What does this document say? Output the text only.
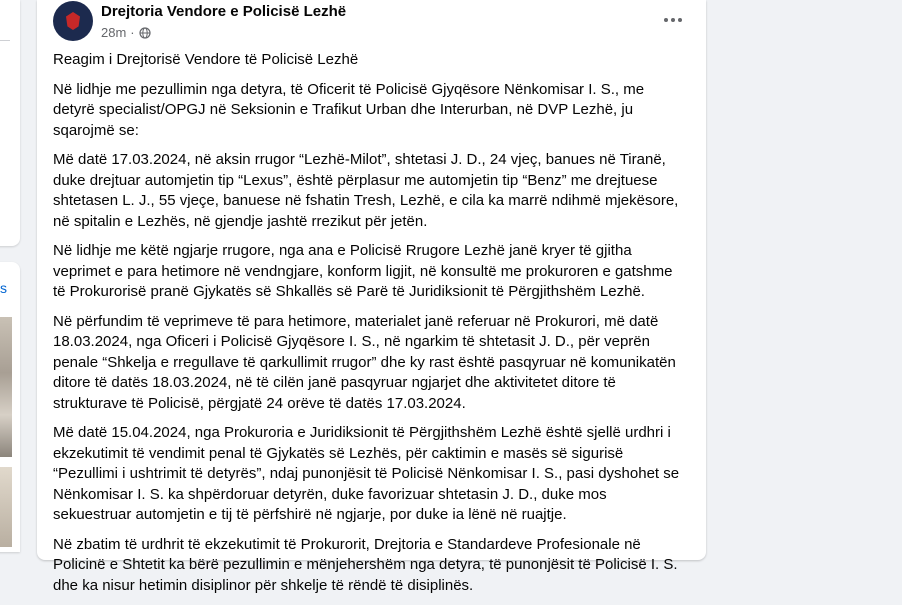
s
Drejtoria Vendore e Policisë Lezhë
28m ·

Reagim i Drejtorisë Vendore të Policisë Lezhë

Në lidhje me pezullimin nga detyra, të Oficerit të Policisë Gjyqësore Nënkomisar I. S., me detyrë specialist/OPGJ në Seksionin e Trafikut Urban dhe Interurban, në DVP Lezhë, ju sqarojmë se:

Më datë 17.03.2024, në aksin rrugor “Lezhë-Milot”, shtetasi J. D., 24 vjeç, banues në Tiranë, duke drejtuar automjetin tip “Lexus”, është përplasur me automjetin tip “Benz” me drejtuese shtetasen L. J., 55 vjeçe, banuese në fshatin Tresh, Lezhë, e cila ka marrë ndihmë mjekësore, në spitalin e Lezhës, në gjendje jashtë rrezikut për jetën.

Në lidhje me këtë ngjarje rrugore, nga ana e Policisë Rrugore Lezhë janë kryer të gjitha veprimet e para hetimore në vendngjare, konform ligjit, në konsultë me prokuroren e gatshme të Prokurorisë pranë Gjykatës së Shkallës së Parë të Juridiksionit të Përgjithshëm Lezhë.

Në përfundim të veprimeve të para hetimore, materialet janë referuar në Prokurori, më datë 18.03.2024, nga Oficeri i Policisë Gjyqësore I. S., në ngarkim të shtetasit J. D., për veprën penale “Shkelja e rregullave të qarkullimit rrugor” dhe ky rast është pasqyruar në komunikatën ditore të datës 18.03.2024, në të cilën janë pasqyruar ngjarjet dhe aktivitetet ditore të strukturave të Policisë, përgjatë 24 orëve të datës 17.03.2024.

Më datë 15.04.2024, nga Prokuroria e Juridiksionit të Përgjithshëm Lezhë është sjellë urdhri i ekzekutimit të vendimit penal të Gjykatës së Lezhës, për caktimin e masës së sigurisë “Pezullimi i ushtrimit të detyrës”, ndaj punonjësit të Policisë Nënkomisar I. S., pasi dyshohet se Nënkomisar I. S. ka shpërdoruar detyrën, duke favorizuar shtetasin J. D., duke mos sekuestruar automjetin e tij të përfshirë në ngjarje, por duke ia lënë në ruajtje.

Në zbatim të urdhrit të ekzekutimit të Prokurorit, Drejtoria e Standardeve Profesionale në Policinë e Shtetit ka bërë pezullimin e mënjehershëm nga detyra, të punonjësit të Policisë I. S. dhe ka nisur hetimin disiplinor për shkelje të rëndë të disiplinës.
